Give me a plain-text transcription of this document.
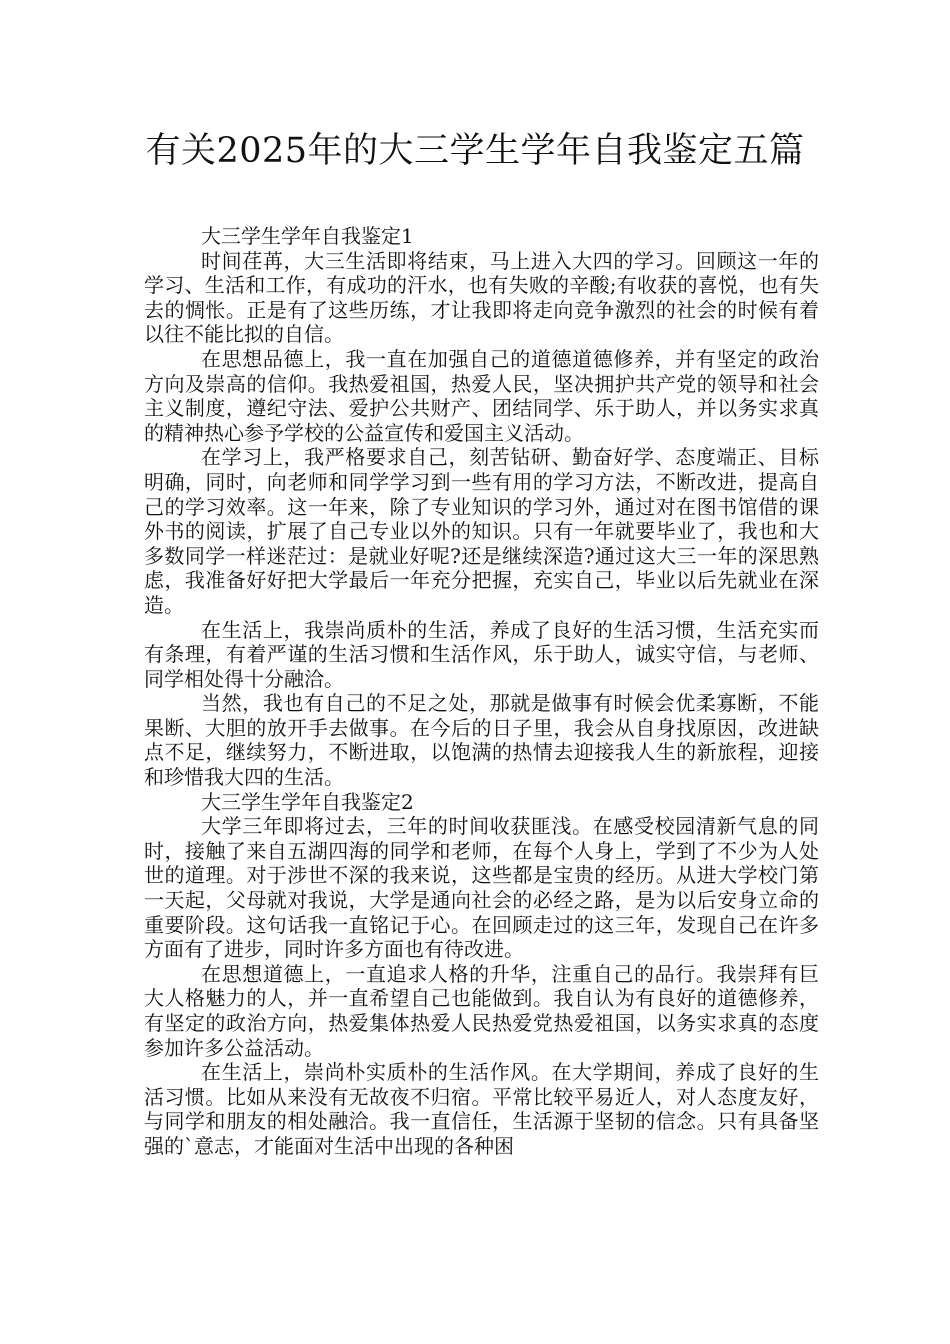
有关2025年的大三学生学年自我鉴定五篇

大三学生学年自我鉴定1

时间荏苒，大三生活即将结束，马上进入大四的学习。回顾这一年的学习、生活和工作，有成功的汗水，也有失败的辛酸;有收获的喜悦，也有失去的惆怅。正是有了这些历练，才让我即将走向竞争激烈的社会的时候有着以往不能比拟的自信。

在思想品德上，我一直在加强自己的道德道德修养，并有坚定的政治方向及崇高的信仰。我热爱祖国，热爱人民，坚决拥护共产党的领导和社会主义制度，遵纪守法、爱护公共财产、团结同学、乐于助人，并以务实求真的精神热心参予学校的公益宣传和爱国主义活动。

在学习上，我严格要求自己，刻苦钻研、勤奋好学、态度端正、目标明确，同时，向老师和同学学习到一些有用的学习方法，不断改进，提高自己的学习效率。这一年来，除了专业知识的学习外，通过对在图书馆借的课外书的阅读，扩展了自己专业以外的知识。只有一年就要毕业了，我也和大多数同学一样迷茫过：是就业好呢?还是继续深造?通过这大三一年的深思熟虑，我准备好好把大学最后一年充分把握，充实自己，毕业以后先就业在深造。

在生活上，我崇尚质朴的生活，养成了良好的生活习惯，生活充实而有条理，有着严谨的生活习惯和生活作风，乐于助人，诚实守信，与老师、同学相处得十分融洽。

当然，我也有自己的不足之处，那就是做事有时候会优柔寡断，不能果断、大胆的放开手去做事。在今后的日子里，我会从自身找原因，改进缺点不足，继续努力，不断进取，以饱满的热情去迎接我人生的新旅程，迎接和珍惜我大四的生活。

大三学生学年自我鉴定2

大学三年即将过去，三年的时间收获匪浅。在感受校园清新气息的同时，接触了来自五湖四海的同学和老师，在每个人身上，学到了不少为人处世的道理。对于涉世不深的我来说，这些都是宝贵的经历。从进大学校门第一天起，父母就对我说，大学是通向社会的必经之路，是为以后安身立命的重要阶段。这句话我一直铭记于心。在回顾走过的这三年，发现自己在许多方面有了进步，同时许多方面也有待改进。

在思想道德上，一直追求人格的升华，注重自己的品行。我崇拜有巨大人格魅力的人，并一直希望自己也能做到。我自认为有良好的道德修养，有坚定的政治方向，热爱集体热爱人民热爱党热爱祖国，以务实求真的态度参加许多公益活动。

在生活上，崇尚朴实质朴的生活作风。在大学期间，养成了良好的生活习惯。比如从来没有无故夜不归宿。平常比较平易近人，对人态度友好，与同学和朋友的相处融洽。我一直信任，生活源于坚韧的信念。只有具备坚强的`意志，才能面对生活中出现的各种困
